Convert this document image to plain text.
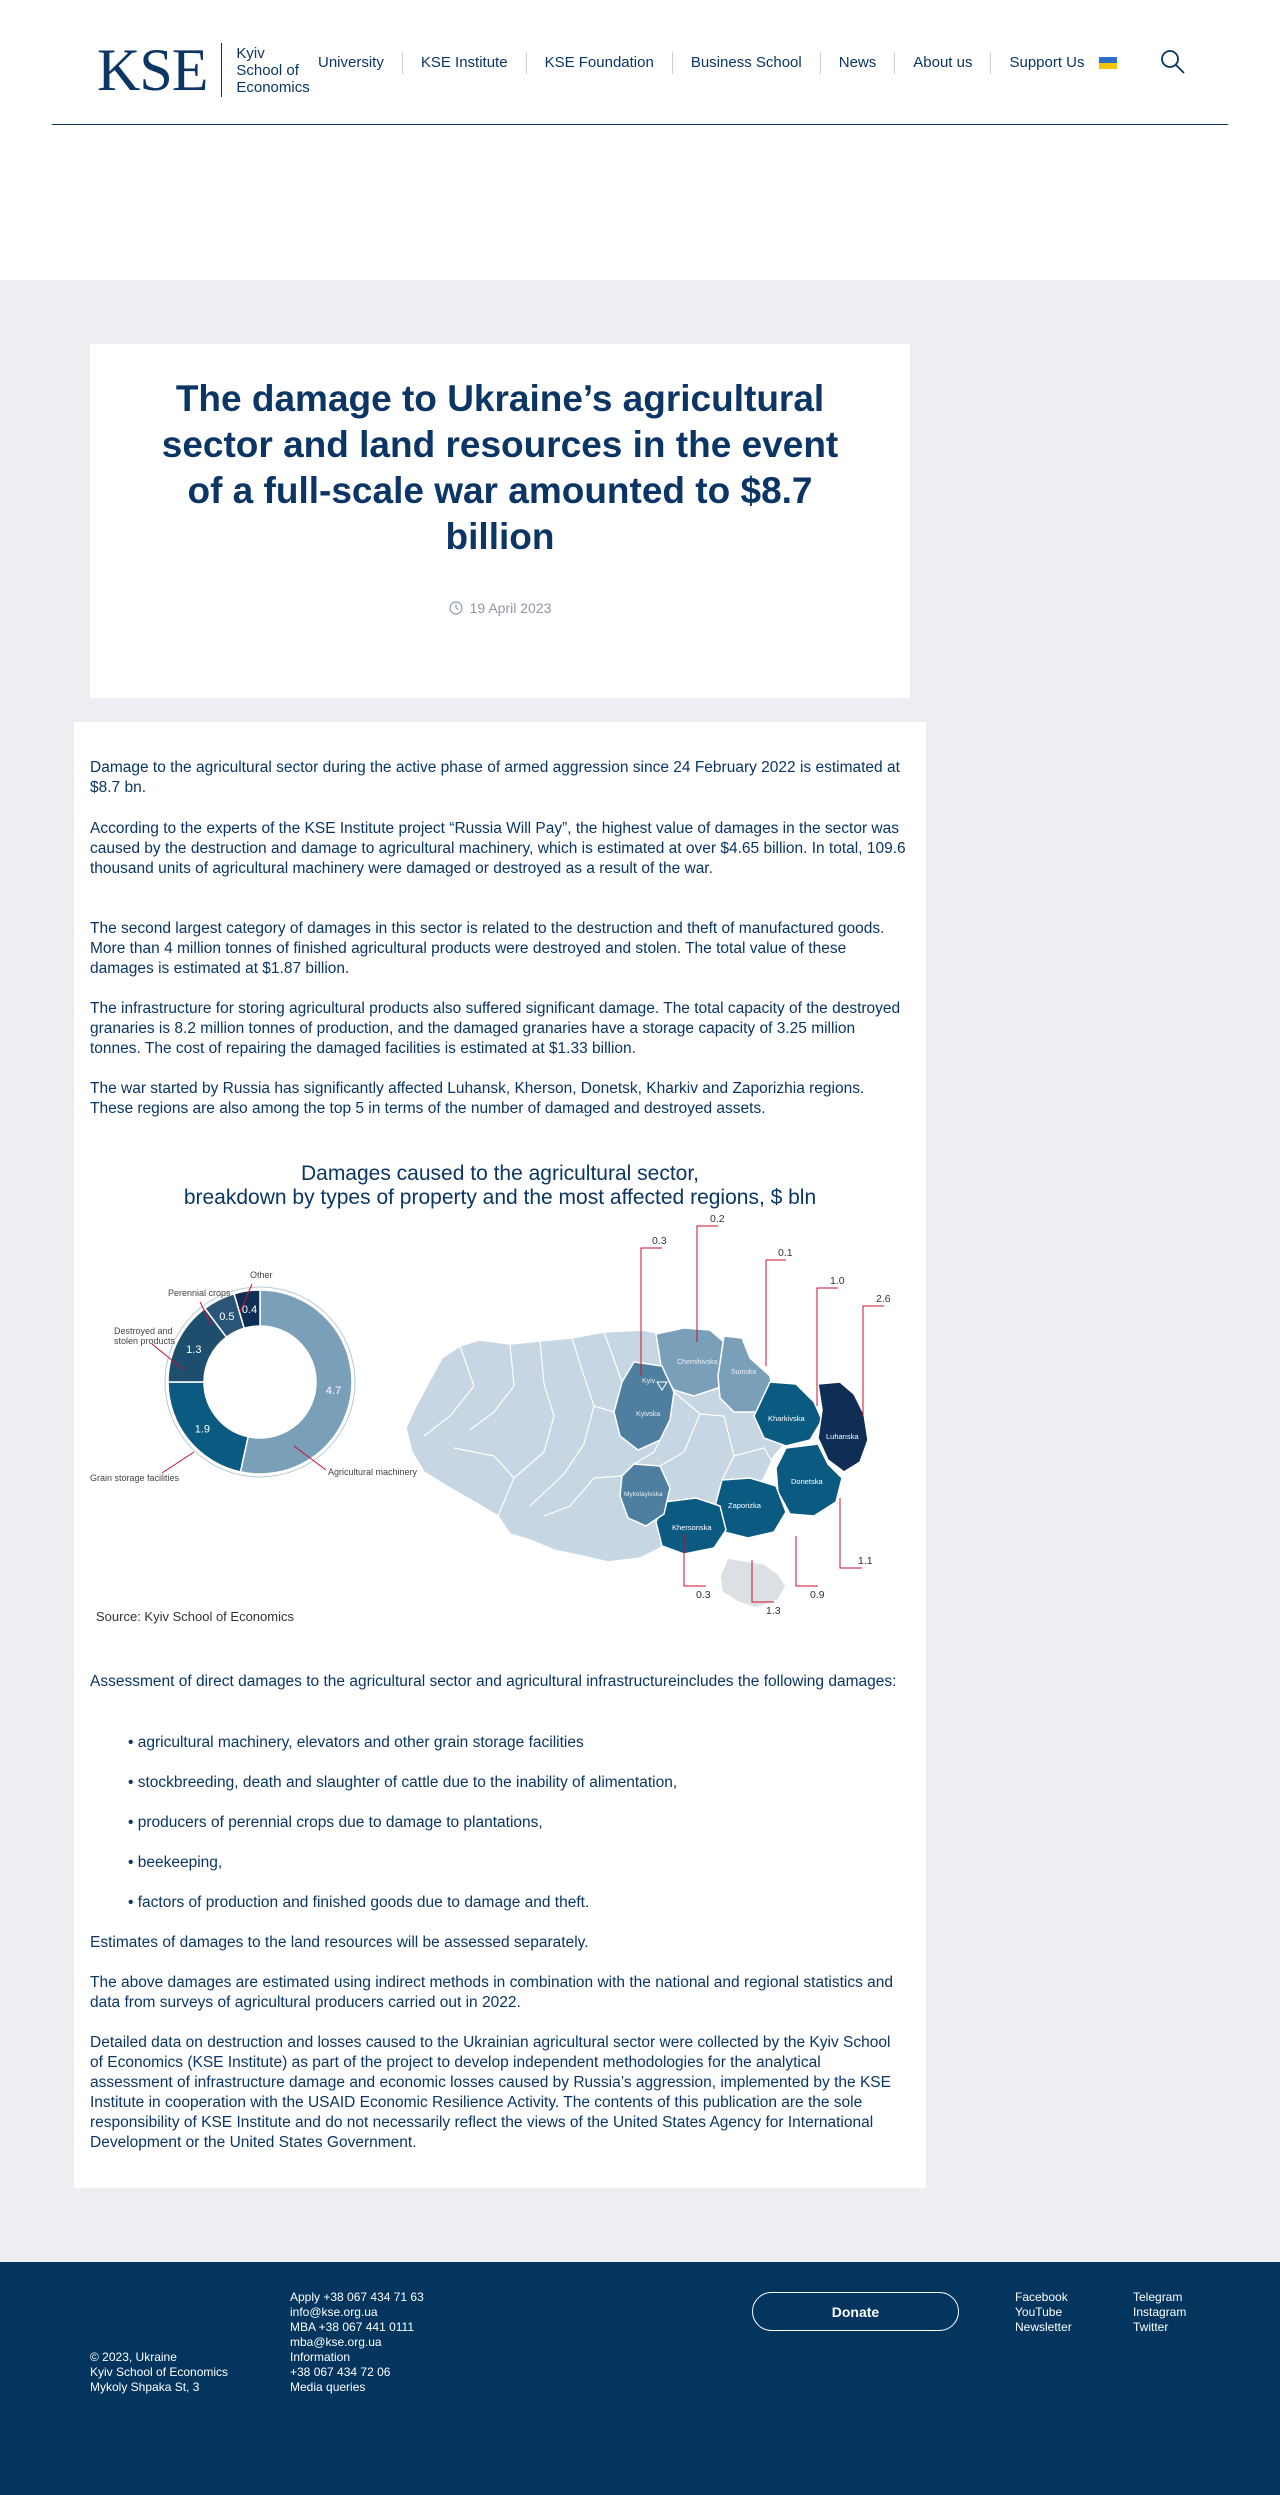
KSE Kyiv
School of
Economics
University	KSE Institute	KSE Foundation	Business School	News	About us	Support Us
The damage to Ukraine’s agricultural sector and land resources in the event of a full-scale war amounted to $8.7 billion
19 April 2023

Damage to the agricultural sector during the active phase of armed aggression since 24 February 2022 is estimated at $8.7 bn.

According to the experts of the KSE Institute project “Russia Will Pay”, the highest value of damages in the sector was caused by the destruction and damage to agricultural machinery, which is estimated at over $4.65 billion. In total, 109.6 thousand units of agricultural machinery were damaged or destroyed as a result of the war.

The second largest category of damages in this sector is related to the destruction and theft of manufactured goods. More than 4 million tonnes of finished agricultural products were destroyed and stolen. The total value of these damages is estimated at $1.87 billion.

The infrastructure for storing agricultural products also suffered significant damage. The total capacity of the destroyed granaries is 8.2 million tonnes of production, and the damaged granaries have a storage capacity of 3.25 million tonnes. The cost of repairing the damaged facilities is estimated at $1.33 billion.

The war started by Russia has significantly affected Luhansk, Kherson, Donetsk, Kharkiv and Zaporizhia regions. These regions are also among the top 5 in terms of the number of damaged and destroyed assets.

Damages caused to the agricultural sector,
breakdown by types of property and the most affected regions, $ bln
4.7
1.9
1.3
0.5
0.4
Agricultural machinery
Grain storage facilities
Destroyed and
stolen products
Perennial crops
Other
Chernihivska
Sumska
Kyiv
Kyivska	Kharkivska
Luhanska
Donetska
Zaporizka
Khersonska
Mykolayivska
0.3
0.2
0.1
1.0
2.6
1.1
0.9
1.3
0.3
Source: Kyiv School of Economics

Assessment of direct damages to the agricultural sector and agricultural infrastructureincludes the following damages:

• agricultural machinery, elevators and other grain storage facilities

• stockbreeding, death and slaughter of cattle due to the inability of alimentation,

• producers of perennial crops due to damage to plantations,

• beekeeping,

• factors of production and finished goods due to damage and theft.

Estimates of damages to the land resources will be assessed separately.

The above damages are estimated using indirect methods in combination with the national and regional statistics and data from surveys of agricultural producers carried out in 2022.

Detailed data on destruction and losses caused to the Ukrainian agricultural sector were collected by the Kyiv School of Economics (KSE Institute) as part of the project to develop independent methodologies for the analytical assessment of infrastructure damage and economic losses caused by Russia’s aggression, implemented by the KSE Institute in cooperation with the USAID Economic Resilience Activity. The contents of this publication are the sole responsibility of KSE Institute and do not necessarily reflect the views of the United States Agency for International Development or the United States Government.

© 2023, Ukraine
Kyiv School of Economics
Mykoly Shpaka St, 3
Apply +38 067 434 71 63
info@kse.org.ua
MBA +38 067 441 0111
mba@kse.org.ua
Information
+38 067 434 72 06
Media queries
Donate
Facebook
YouTube
Newsletter
Telegram
Instagram
Twitter
